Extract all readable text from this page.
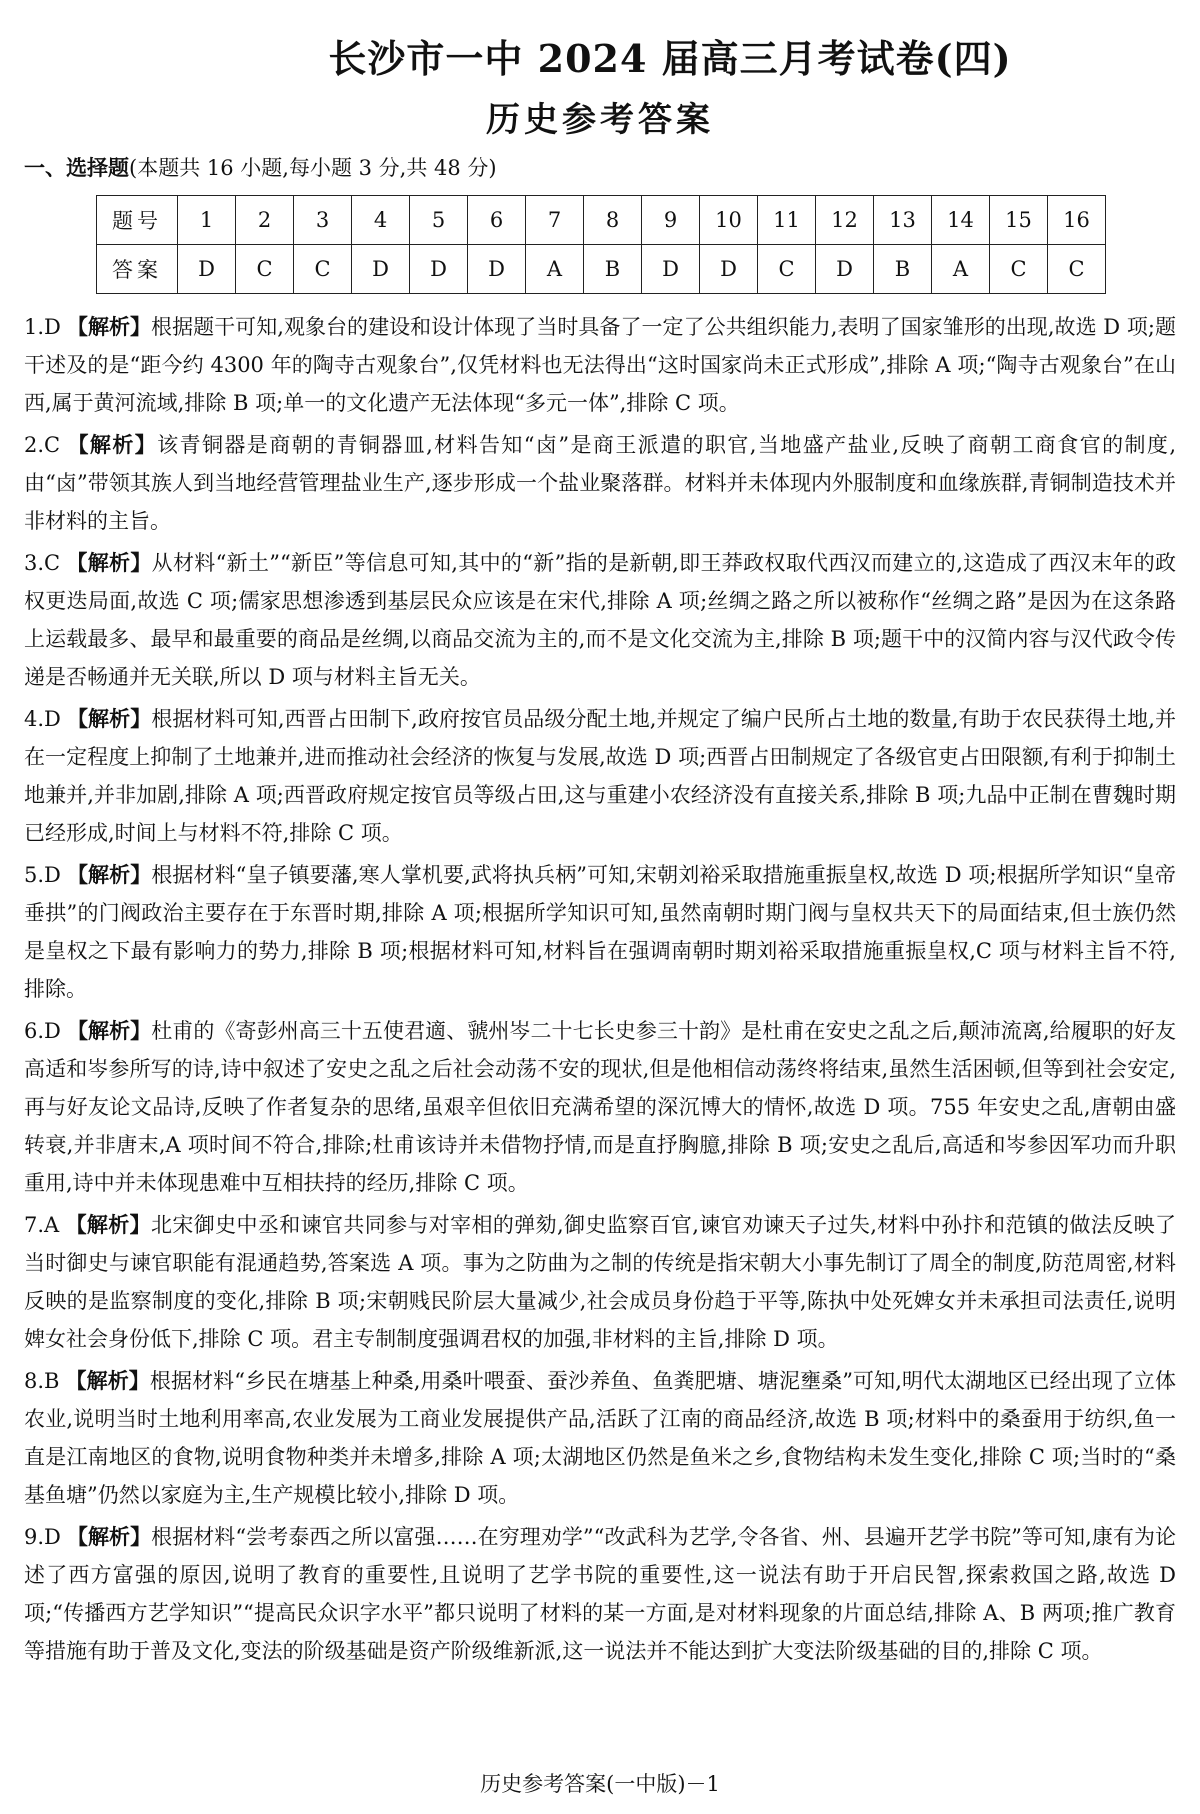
长沙市一中 2024 届高三月考试卷(四)
历史参考答案
一、选择题(本题共 16 小题,每小题 3 分,共 48 分)
题号	1	2	3	4	5	6	7	8	9	10	11	12	13	14	15	16
答案	D	C	C	D	D	D	A	B	D	D	C	D	B	A	C	C
1.D 【解析】根据题干可知,观象台的建设和设计体现了当时具备了一定了公共组织能力,表明了国家雏形的出现,故选 D 项;题干述及的是“距今约 4300 年的陶寺古观象台”,仅凭材料也无法得出“这时国家尚未正式形成”,排除 A 项;“陶寺古观象台”在山西,属于黄河流域,排除 B 项;单一的文化遗产无法体现“多元一体”,排除 C 项。
2.C 【解析】该青铜器是商朝的青铜器皿,材料告知“卤”是商王派遣的职官,当地盛产盐业,反映了商朝工商食官的制度,由“卤”带领其族人到当地经营管理盐业生产,逐步形成一个盐业聚落群。材料并未体现内外服制度和血缘族群,青铜制造技术并非材料的主旨。
3.C 【解析】从材料“新土”“新臣”等信息可知,其中的“新”指的是新朝,即王莽政权取代西汉而建立的,这造成了西汉末年的政权更迭局面,故选 C 项;儒家思想渗透到基层民众应该是在宋代,排除 A 项;丝绸之路之所以被称作“丝绸之路”是因为在这条路上运载最多、最早和最重要的商品是丝绸,以商品交流为主的,而不是文化交流为主,排除 B 项;题干中的汉简内容与汉代政令传递是否畅通并无关联,所以 D 项与材料主旨无关。
4.D 【解析】根据材料可知,西晋占田制下,政府按官员品级分配土地,并规定了编户民所占土地的数量,有助于农民获得土地,并在一定程度上抑制了土地兼并,进而推动社会经济的恢复与发展,故选 D 项;西晋占田制规定了各级官吏占田限额,有利于抑制土地兼并,并非加剧,排除 A 项;西晋政府规定按官员等级占田,这与重建小农经济没有直接关系,排除 B 项;九品中正制在曹魏时期已经形成,时间上与材料不符,排除 C 项。
5.D 【解析】根据材料“皇子镇要藩,寒人掌机要,武将执兵柄”可知,宋朝刘裕采取措施重振皇权,故选 D 项;根据所学知识“皇帝垂拱”的门阀政治主要存在于东晋时期,排除 A 项;根据所学知识可知,虽然南朝时期门阀与皇权共天下的局面结束,但士族仍然是皇权之下最有影响力的势力,排除 B 项;根据材料可知,材料旨在强调南朝时期刘裕采取措施重振皇权,C 项与材料主旨不符,排除。
6.D 【解析】杜甫的《寄彭州高三十五使君適、虢州岑二十七长史参三十韵》是杜甫在安史之乱之后,颠沛流离,给履职的好友高适和岑参所写的诗,诗中叙述了安史之乱之后社会动荡不安的现状,但是他相信动荡终将结束,虽然生活困顿,但等到社会安定,再与好友论文品诗,反映了作者复杂的思绪,虽艰辛但依旧充满希望的深沉博大的情怀,故选 D 项。755 年安史之乱,唐朝由盛转衰,并非唐末,A 项时间不符合,排除;杜甫该诗并未借物抒情,而是直抒胸臆,排除 B 项;安史之乱后,高适和岑参因军功而升职重用,诗中并未体现患难中互相扶持的经历,排除 C 项。
7.A 【解析】北宋御史中丞和谏官共同参与对宰相的弹劾,御史监察百官,谏官劝谏天子过失,材料中孙抃和范镇的做法反映了当时御史与谏官职能有混通趋势,答案选 A 项。事为之防曲为之制的传统是指宋朝大小事先制订了周全的制度,防范周密,材料反映的是监察制度的变化,排除 B 项;宋朝贱民阶层大量减少,社会成员身份趋于平等,陈执中处死婢女并未承担司法责任,说明婢女社会身份低下,排除 C 项。君主专制制度强调君权的加强,非材料的主旨,排除 D 项。
8.B 【解析】根据材料“乡民在塘基上种桑,用桑叶喂蚕、蚕沙养鱼、鱼粪肥塘、塘泥壅桑”可知,明代太湖地区已经出现了立体农业,说明当时土地利用率高,农业发展为工商业发展提供产品,活跃了江南的商品经济,故选 B 项;材料中的桑蚕用于纺织,鱼一直是江南地区的食物,说明食物种类并未增多,排除 A 项;太湖地区仍然是鱼米之乡,食物结构未发生变化,排除 C 项;当时的“桑基鱼塘”仍然以家庭为主,生产规模比较小,排除 D 项。
9.D 【解析】根据材料“尝考泰西之所以富强……在穷理劝学”“改武科为艺学,令各省、州、县遍开艺学书院”等可知,康有为论述了西方富强的原因,说明了教育的重要性,且说明了艺学书院的重要性,这一说法有助于开启民智,探索救国之路,故选 D 项;“传播西方艺学知识”“提高民众识字水平”都只说明了材料的某一方面,是对材料现象的片面总结,排除 A、B 两项;推广教育等措施有助于普及文化,变法的阶级基础是资产阶级维新派,这一说法并不能达到扩大变法阶级基础的目的,排除 C 项。
历史参考答案(一中版)－1
